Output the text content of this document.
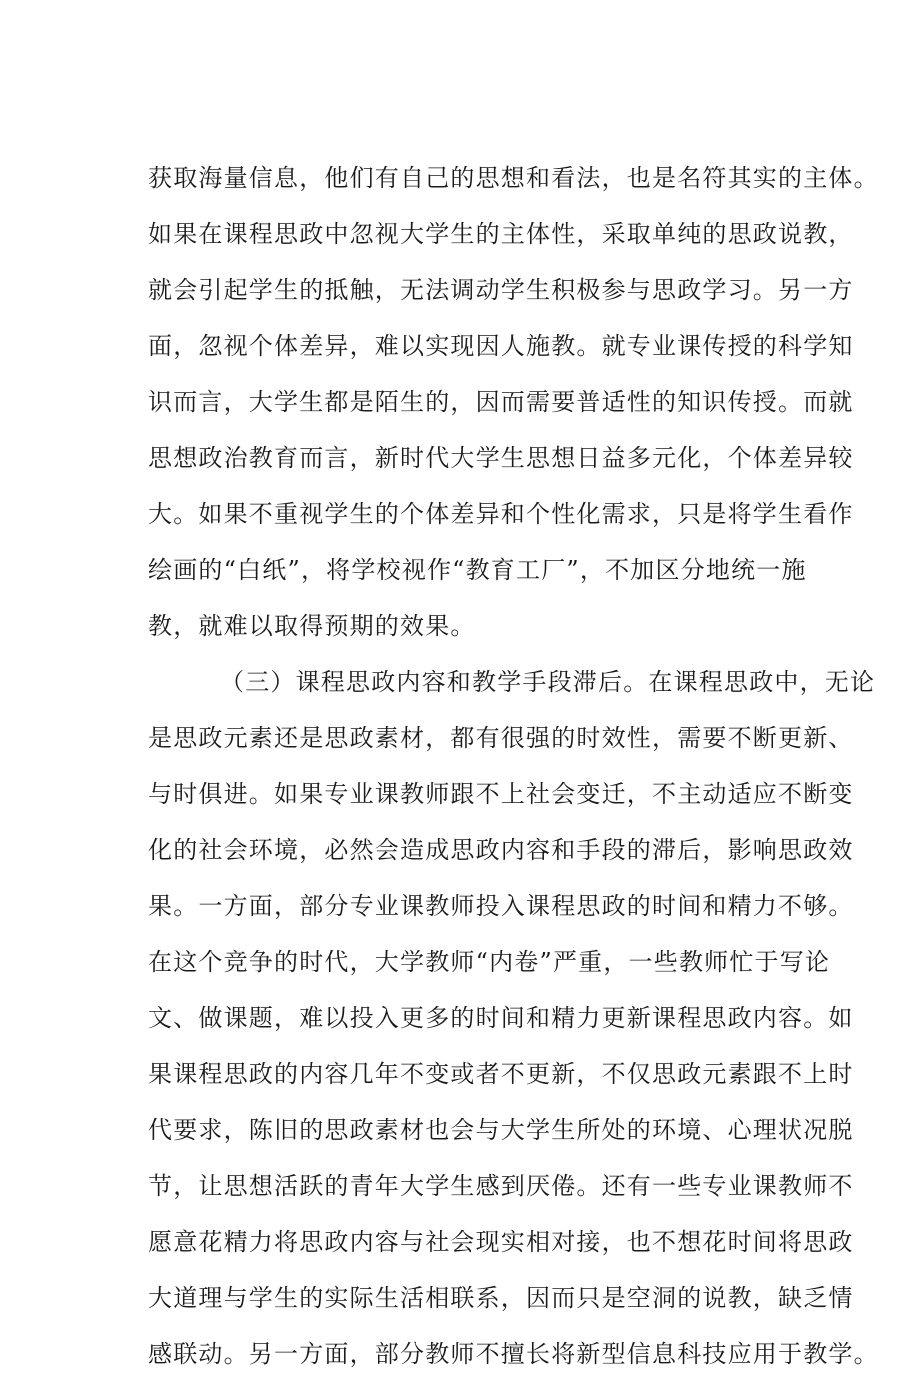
获取海量信息，他们有自己的思想和看法，也是名符其实的主体。
如果在课程思政中忽视大学生的主体性，采取单纯的思政说教，
就会引起学生的抵触，无法调动学生积极参与思政学习。另一方
面，忽视个体差异，难以实现因人施教。就专业课传授的科学知
识而言，大学生都是陌生的，因而需要普适性的知识传授。而就
思想政治教育而言，新时代大学生思想日益多元化，个体差异较
大。如果不重视学生的个体差异和个性化需求，只是将学生看作
绘画的“白纸”，将学校视作“教育工厂”，不加区分地统一施
教，就难以取得预期的效果。
（三）课程思政内容和教学手段滞后。在课程思政中，无论
是思政元素还是思政素材，都有很强的时效性，需要不断更新、
与时俱进。如果专业课教师跟不上社会变迁，不主动适应不断变
化的社会环境，必然会造成思政内容和手段的滞后，影响思政效
果。一方面，部分专业课教师投入课程思政的时间和精力不够。
在这个竞争的时代，大学教师“内卷”严重，一些教师忙于写论
文、做课题，难以投入更多的时间和精力更新课程思政内容。如
果课程思政的内容几年不变或者不更新，不仅思政元素跟不上时
代要求，陈旧的思政素材也会与大学生所处的环境、心理状况脱
节，让思想活跃的青年大学生感到厌倦。还有一些专业课教师不
愿意花精力将思政内容与社会现实相对接，也不想花时间将思政
大道理与学生的实际生活相联系，因而只是空洞的说教，缺乏情
感联动。另一方面，部分教师不擅长将新型信息科技应用于教学。
